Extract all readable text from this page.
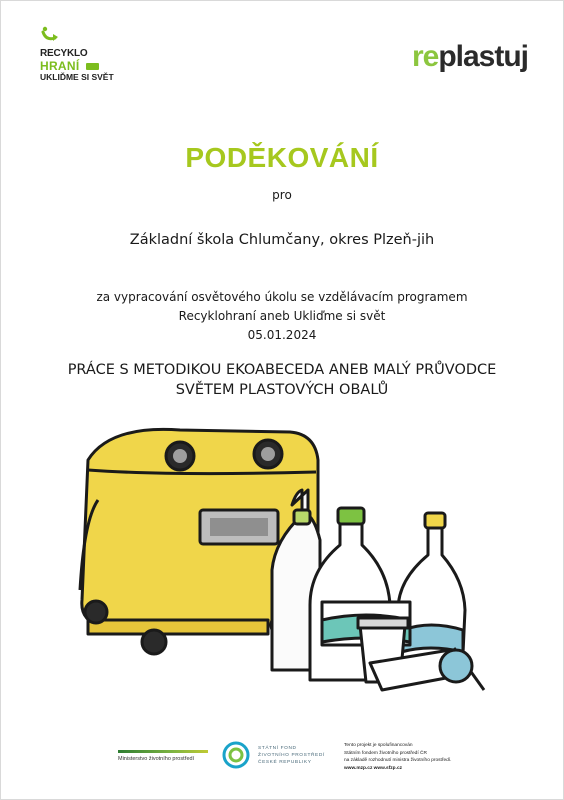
RECYKLO
HRANÍ
UKLIĎME SI SVĚT
replastuj
PODĚKOVÁNÍ
pro
Základní škola Chlumčany, okres Plzeň-jih
za vypracování osvětového úkolu se vzdělávacím programem
Recyklohraní aneb Ukliďme si svět
05.01.2024
PRÁCE S METODIKOU EKOABECEDA ANEB MALÝ PRŮVODCE
SVĚTEM PLASTOVÝCH OBALŮ
Ministerstvo životního prostředí
STÁTNÍ FOND
ŽIVOTNÍHO PROSTŘEDÍ
ČESKÉ REPUBLIKY
Tento projekt je spolufinancován
Státním fondem životního prostředí ČR
na základě rozhodnutí ministra životního prostředí.
www.mzp.cz www.sfzp.cz
